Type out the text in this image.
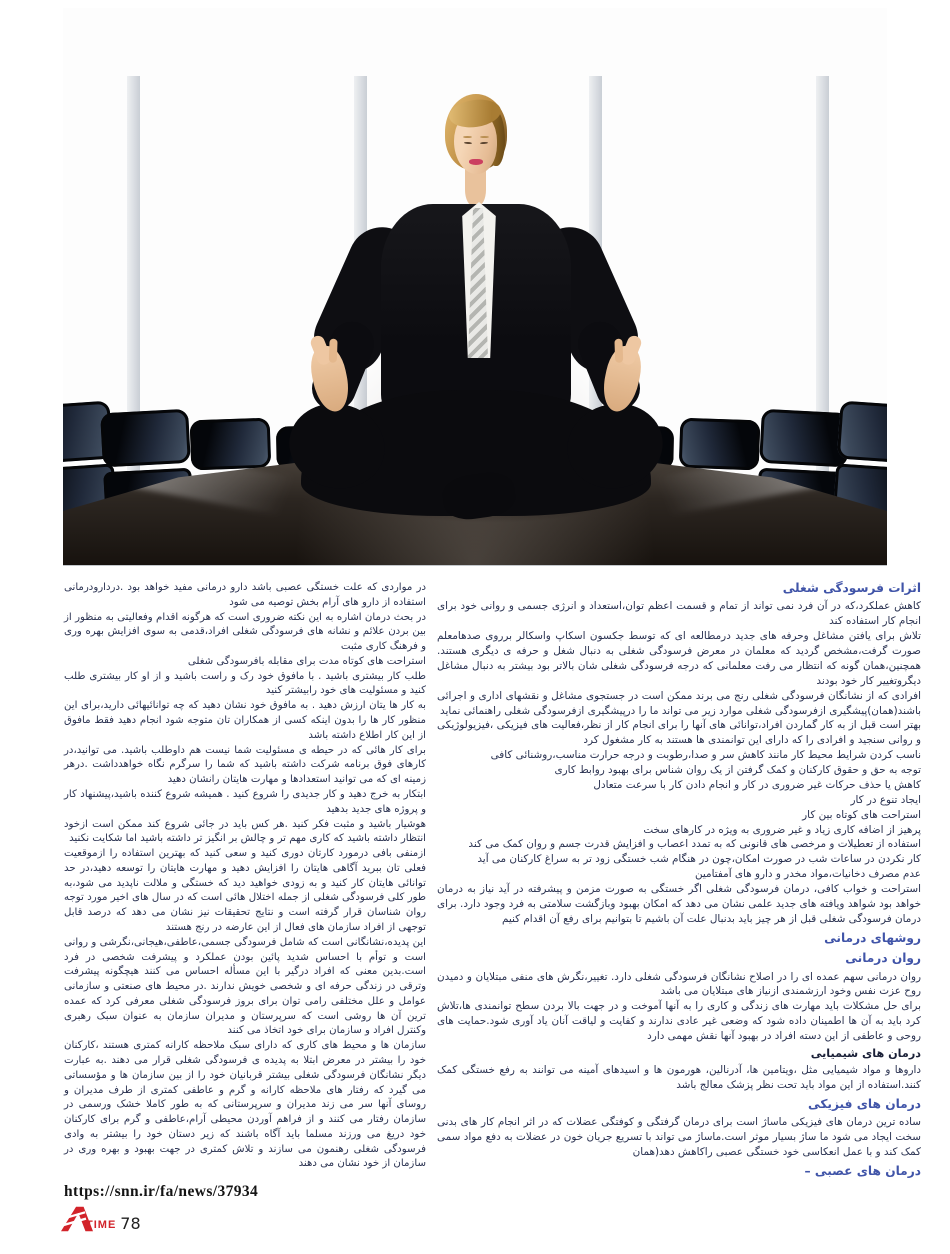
اثرات فرسودگی شغلی
کاهش عملکرد،که در آن فرد نمی تواند از تمام و قسمت اعظم توان،استعداد و انرژی جسمی و روانی خود برای انجام کار استفاده کند
تلاش برای یافتن مشاغل وحرفه های جدید درمطالعه ای که توسط جکسون اسکاپ واسکالر برروی صدهامعلم صورت گرفت،مشخص گردید که معلمان در معرض فرسودگی شغلی به دنبال شغل و حرفه ی دیگری هستند. همچنین،همان گونه که انتظار می رفت معلمانی که درجه فرسودگی شغلی شان بالاتر بود بیشتر به دنبال مشاغل دیگروتغییر کار خود بودند
افرادی که از نشانگان فرسودگی شغلی رنج می برند ممکن است در جستجوی مشاغل و نقشهای اداری و اجرائی باشند(همان)پیشگیری ازفرسودگی شغلی موارد زیر می تواند ما را درپیشگیری ازفرسودگی شغلی راهنمائی نماید
بهتر است قبل از به کار گماردن افراد،توانائی های آنها را برای انجام کار از نظر،فعالیت های فیزیکی ،فیزیولوژیکی و روانی سنجید و افرادی را که دارای این توانمندی ها هستند به کار مشغول کرد
ناسب کردن شرایط محیط کار مانند کاهش سر و صدا،رطوبت و درجه حرارت مناسب،روشنائی کافی
توجه به حق و حقوق کارکنان و کمک گرفتن از یک روان شناس برای بهبود روابط کاری
کاهش یا حذف حرکات غیر ضروری در کار و انجام دادن کار با سرعت متعادل
ایجاد تنوع در کار
استراحت های کوتاه بین کار
پرهیز از اضافه کاری زیاد و غیر ضروری به ویژه در کارهای سخت
استفاده از تعطیلات و مرخصی های قانونی که به تمدد اعصاب و افزایش قدرت جسم و روان کمک می کند
کار نکردن در ساعات شب در صورت امکان،چون در هنگام شب خستگی زود تر به سراغ کارکنان می آید
عدم مصرف دخانیات،مواد مخدر و دارو های آمفتامین
استراحت و خواب کافی، درمان فرسودگی شغلی اگر خستگی به صورت مزمن و پیشرفته در آید نیاز به درمان خواهد بود شواهد ویافته های جدید علمی نشان می دهد که امکان بهبود وبازگشت سلامتی به فرد وجود دارد. برای درمان فرسودگی شغلی قبل از هر چیز باید بدنبال علت آن باشیم تا بتوانیم برای رفع آن اقدام کنیم
روشهای درمانی
روان درمانی
روان درمانی سهم عمده ای را در اصلاح نشانگان فرسودگی شغلی دارد. تغییر،نگرش های منفی مبتلایان و دمیدن روح عزت نفس وخود ارزشمندی ازنیاز های مبتلایان می باشد
برای حل مشکلات باید مهارت های زندگی و کاری را به آنها آموخت و در جهت بالا بردن سطح توانمندی ها،تلاش کرد باید به آن ها اطمینان داده شود که وضعی غیر عادی ندارند و کفایت و لیاقت آنان یاد آوری شود.حمایت های روحی و عاطفی از این دسته افراد در بهبود آنها نقش مهمی دارد
درمان های شیمیایی
داروها و مواد شیمیایی مثل ،ویتامین ها، آدرنالین، هورمون ها و اسیدهای آمینه می توانند به رفع خستگی کمک کنند.استفاده از این مواد باید تحت نظر پزشک معالج باشد
درمان های فیزیکی
ساده ترین درمان های فیزیکی ماساژ است برای درمان گرفتگی و کوفتگی عضلات که در اثر انجام کار های بدنی سخت ایجاد می شود ما ساژ بسیار موثر است.ماساژ می تواند با تسریع جریان خون در عضلات به دفع مواد سمی کمک کند و با عمل انعکاسی خود خستگی عصبی راکاهش دهد(همان
درمان های عصبی –
در مواردی که علت خستگی عصبی باشد دارو درمانی مفید خواهد بود .دردارودرمانی استفاده از دارو های آرام بخش توصیه می شود
در بحث درمان اشاره به این نکته ضروری است که هرگونه اقدام وفعالیتی به منظور از بین بردن علائم و نشانه های فرسودگی شغلی افراد،قدمی به سوی افزایش بهره وری و فرهنگ کاری مثبت
استراحت های کوتاه مدت برای مقابله بافرسودگی شغلی
طلب کار بیشتری باشید . با مافوق خود رک و راست باشید و از او کار بیشتری طلب کنید و مسئولیت های خود رابیشتر کنید
به کار ها یتان ارزش دهید . به مافوق خود نشان دهید که چه توانائیهائی دارید،برای این منظور کار ها را بدون اینکه کسی از همکاران تان متوجه شود انجام دهید فقط مافوق از این کار اطلاع داشته باشد
برای کار هائی که در حیطه ی مسئولیت شما نیست هم داوطلب باشید. می توانید،در کارهای فوق برنامه شرکت داشته باشید که شما را سرگرم نگاه خواهدداشت .درهر زمینه ای که می توانید استعدادها و مهارت هایتان رانشان دهید
ابتکار به خرج دهید و کار جدیدی را شروع کنید . همیشه شروع کننده باشید،پیشنهاد کار و پروژه های جدید بدهید
هوشیار باشید و مثبت فکر کنید .هر کس باید در جائی شروع کند ممکن است ازخود انتظار داشته باشید که کاری مهم تر و چالش بر انگیز تر داشته باشید اما شکایت نکنید
ازمنفی بافی درمورد کارتان دوری کنید و سعی کنید که بهترین استفاده را ازموقعیت فعلی تان ببرید آگاهی هایتان را افزایش دهید و مهارت هایتان را توسعه دهید،در حد توانائی هایتان کار کنید و به زودی خواهید دید که خستگی و ملالت ناپدید می شود،به طور کلی فرسودگی شغلی از جمله اختلال هائی است که در سال های اخیر مورد توجه روان شناسان قرار گرفته است و نتایج تحقیقات نیز نشان می دهد که درصد قابل توجهی از افراد سازمان های فعال از این عارضه در رنج هستند
این پدیده،نشانگانی است که شامل فرسودگی جسمی،عاطفی،هیجانی،نگرشی و روانی است و توأم با احساس شدید پائین بودن عملکرد و پیشرفت شخصی در فرد است.بدین معنی که افراد درگیر با این مسأله احساس می کنند هیچگونه پیشرفت وترقی در زندگی حرفه ای و شخصی خویش ندارند .در محیط های صنعتی و سازمانی عوامل و علل مختلفی رامی توان برای بروز فرسودگی شغلی معرفی کرد که عمده ترین آن ها روشی است که سرپرستان و مدیران سازمان به عنوان سبک رهبری وکنترل افراد و سازمان برای خود اتخاذ می کنند
سازمان ها و محیط های کاری که دارای سبک ملاحظه کارانه کمتری هستند ،کارکنان خود را بیشتر در معرض ابتلا به پدیده ی فرسودگی شغلی قرار می دهند .به عبارت دیگر نشانگان فرسودگی شغلی بیشتر قربانیان خود را از بین سازمان ها و مؤسساتی می گیرد که رفتار های ملاحظه کارانه و گرم و عاطفی کمتری از طرف مدیران و روسای آنها سر می زند مدیران و سرپرستانی که به طور کاملا خشک ورسمی در سازمان رفتار می کنند و از فراهم آوردن محیطی آرام،عاطفی و گرم برای کارکنان خود دریغ می ورزند مسلما باید آگاه باشند که زیر دستان خود را بیشتر به وادی فرسودگی شغلی رهنمون می سازند و تلاش کمتری در جهت بهبود و بهره وری در سازمان از خود نشان می دهند
https://snn.ir/fa/news/37934
TIME 78
